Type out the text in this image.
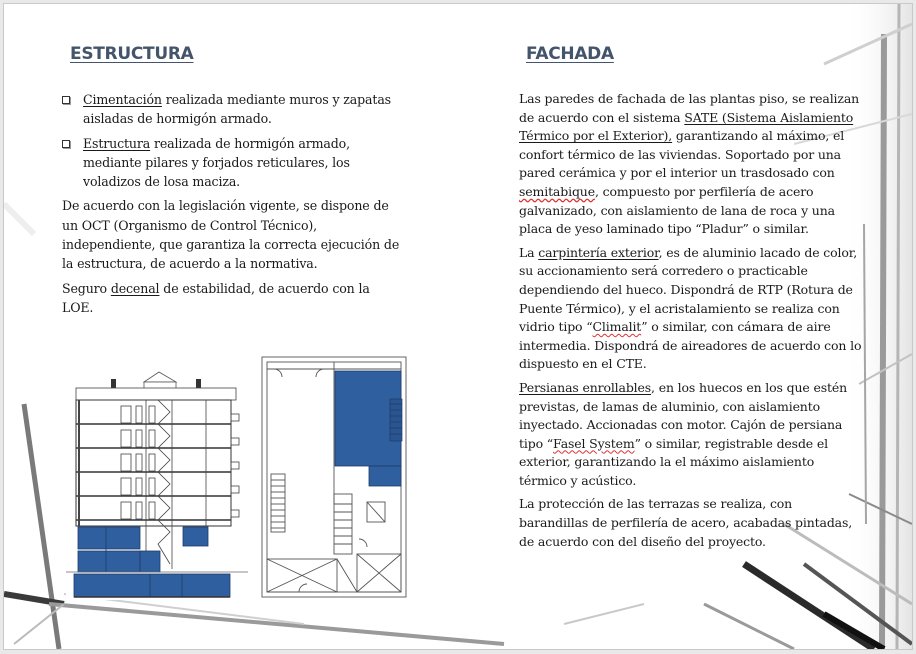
ESTRUCTURA
Cimentación realizada mediante muros y zapatas aisladas de hormigón armado.
Estructura realizada de hormigón armado, mediante pilares y forjados reticulares, los voladizos de losa maciza.

De acuerdo con la legislación vigente, se dispone de un OCT (Organismo de Control Técnico), independiente, que garantiza la correcta ejecución de la estructura, de acuerdo a la normativa.

Seguro decenal de estabilidad, de acuerdo con la LOE.

FACHADA

Las paredes de fachada de las plantas piso, se realizan de acuerdo con el sistema SATE (Sistema Aislamiento Térmico por el Exterior), garantizando al máximo, el confort térmico de las viviendas. Soportado por una pared cerámica y por el interior un trasdosado con semitabique, compuesto por perfilería de acero galvanizado, con aislamiento de lana de roca y una placa de yeso laminado tipo “Pladur” o similar.

La carpintería exterior, es de aluminio lacado de color, su accionamiento será corredero o practicable dependiendo del hueco. Dispondrá de RTP (Rotura de Puente Térmico), y el acristalamiento se realiza con vidrio tipo “Climalit” o similar, con cámara de aire intermedia. Dispondrá de aireadores de acuerdo con lo dispuesto en el CTE.

Persianas enrollables, en los huecos en los que estén previstas, de lamas de aluminio, con aislamiento inyectado. Accionadas con motor. Cajón de persiana tipo “Fasel System” o similar, registrable desde el exterior, garantizando la el máximo aislamiento térmico y acústico.

La protección de las terrazas se realiza, con barandillas de perfilería de acero, acabadas pintadas, de acuerdo con del diseño del proyecto.
